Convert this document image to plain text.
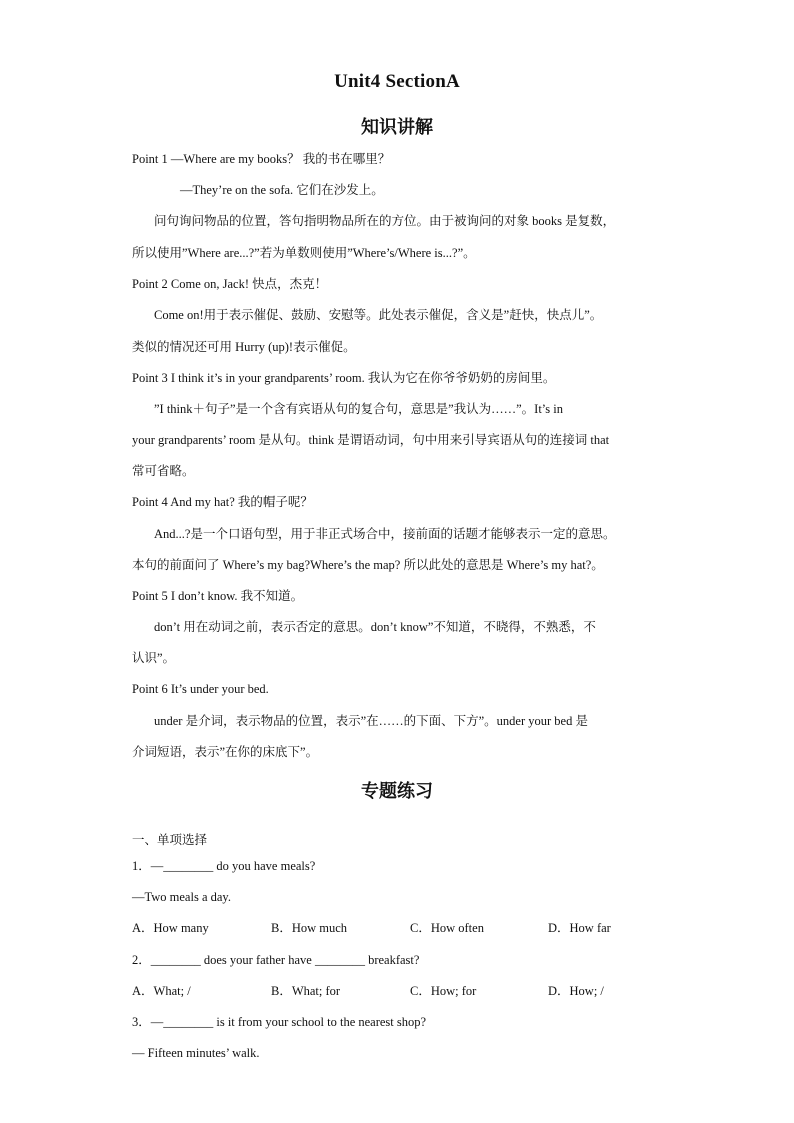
Unit4 SectionA
知识讲解
Point 1 —Where are my books？ 我的书在哪里？
—They’re on the sofa. 它们在沙发上。
问句询问物品的位置，答句指明物品所在的方位。由于被询问的对象 books 是复数，
所以使用”Where are...?”若为单数则使用”Where’s/Where is...?”。
Point 2 Come on, Jack! 快点，杰克！
Come on!用于表示催促、鼓励、安慰等。此处表示催促，含义是”赶快，快点儿”。
类似的情况还可用 Hurry (up)!表示催促。
Point 3 I think it’s in your grandparents’ room. 我认为它在你爷爷奶奶的房间里。
”I think＋句子”是一个含有宾语从句的复合句，意思是”我认为……”。It’s in
your grandparents’ room 是从句。think 是谓语动词，句中用来引导宾语从句的连接词 that
常可省略。
Point 4 And my hat? 我的帽子呢？
And...?是一个口语句型，用于非正式场合中，接前面的话题才能够表示一定的意思。
本句的前面问了 Where’s my bag?Where’s the map? 所以此处的意思是 Where’s my hat?。
Point 5 I don’t know. 我不知道。
don’t 用在动词之前，表示否定的意思。don’t know”不知道，不晓得，不熟悉，不
认识”。
Point 6 It’s under your bed.
under 是介词，表示物品的位置，表示”在……的下面、下方”。under your bed 是
介词短语，表示”在你的床底下”。
专题练习
一、单项选择
1．—________ do you have meals?
—Two meals a day.
A．How many	B．How much	C．How often	D．How far
2．________ does your father have ________ breakfast?
A．What; /	B．What; for	C．How; for	D．How; /
3．—________ is it from your school to the nearest shop?
— Fifteen minutes’ walk.
